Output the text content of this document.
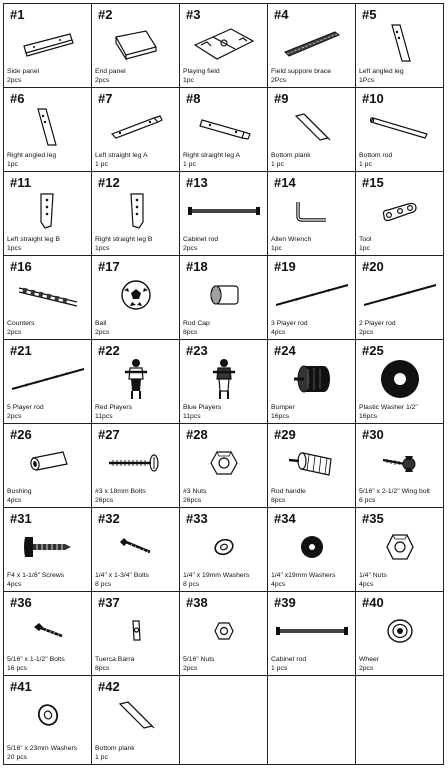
#1
Side panel
2pcs	#2
End panel
2pcs	#3
Playing field
1pc	#4
Field suppore brace
2Pcs	#5
Left angled leg
1Pcs

#6
Right angled leg
1pc	#7
Left straight leg A
1 pc	#8
Right straight leg A
1 pc	#9
Bottom plank
1 pc	#10
Bottom rod
1 pc

#11
Left straight leg B
1pcs	#12
Right straight leg B
1pcs	#13
Cabinet rod
2pcs	#14
Allen Wrench
1pc	#15
Tool
1pc

#16
Counters
2pcs	#17
Ball
2pcs	#18
Rod Cap
8pcs	#19
3 Player rod
4pcs	#20
2 Player rod
2pcs

#21
5 Player rod
2pcs	#22
Red Players
11pcs	#23
Blue Players
11pcs	#24
Bumper
16pcs	#25
Plastic Washer 1/2"
16pcs

#26
Bushing
4pcs	#27
#3 x 18mm Bolts
26pcs	#28
#3 Nuts
26pcs	#29
Rod handle
8pcs	#30
5/16" x 2-1/2" Wing bolt
6 pcs

#31
F4 x 1-1/8" Screws
4pcs	#32
1/4" x 1-3/4" Bolts
8 pcs	#33
1/4" x 19mm Washers
8 pcs	#34
1/4" x19mm Washers
4pcs	#35
1/4" Nuts
4pcs

#36
5/16" x 1-1/2" Bolts
16 pcs	#37
Tuerca Barra
8pcs	#38
5/16" Nuts
2pcs	#39
Cabinet rod
1 pcs	#40
Wheer
2pcs

#41
5/16" x 23mm Washers
20 pcs	#42
Bottom plank
1 pc			
